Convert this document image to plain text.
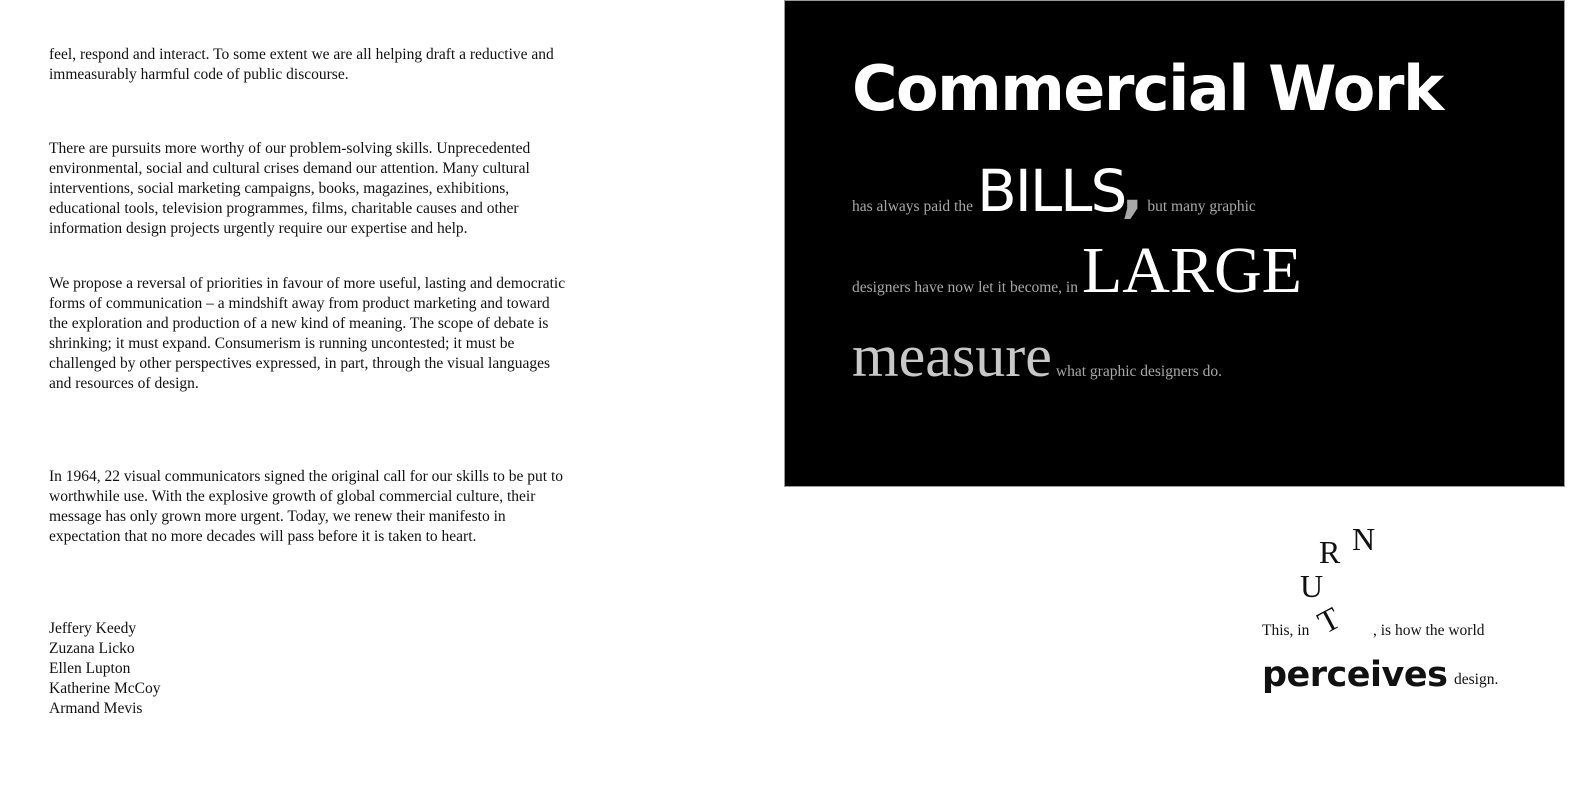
feel, respond and interact. To some extent we are all helping draft a reductive and immeasurably harmful code of public discourse.

There are pursuits more worthy of our problem-solving skills. Unprecedented environmental, social and cultural crises demand our attention. Many cultural interventions, social marketing campaigns, books, magazines, exhibitions, educational tools, television programmes, films, charitable causes and other information design projects urgently require our expertise and help.

We propose a reversal of priorities in favour of more useful, lasting and democratic forms of communication – a mindshift away from product marketing and toward the exploration and production of a new kind of meaning. The scope of debate is shrinking; it must expand. Consumerism is running uncontested; it must be challenged by other perspectives expressed, in part, through the visual languages and resources of design.

In 1964, 22 visual communicators signed the original call for our skills to be put to worthwhile use. With the explosive growth of global commercial culture, their message has only grown more urgent. Today, we renew their manifesto in expectation that no more decades will pass before it is taken to heart.

Jeffery Keedy
Zuzana Licko
Ellen Lupton
Katherine McCoy
Armand Mevis
Commercial Work
has always paid the BILLS, but many graphic
designers have now let it become, in LARGE
measure what graphic designers do.
N
R
U
T
This, in	, is how the world
perceives design.
